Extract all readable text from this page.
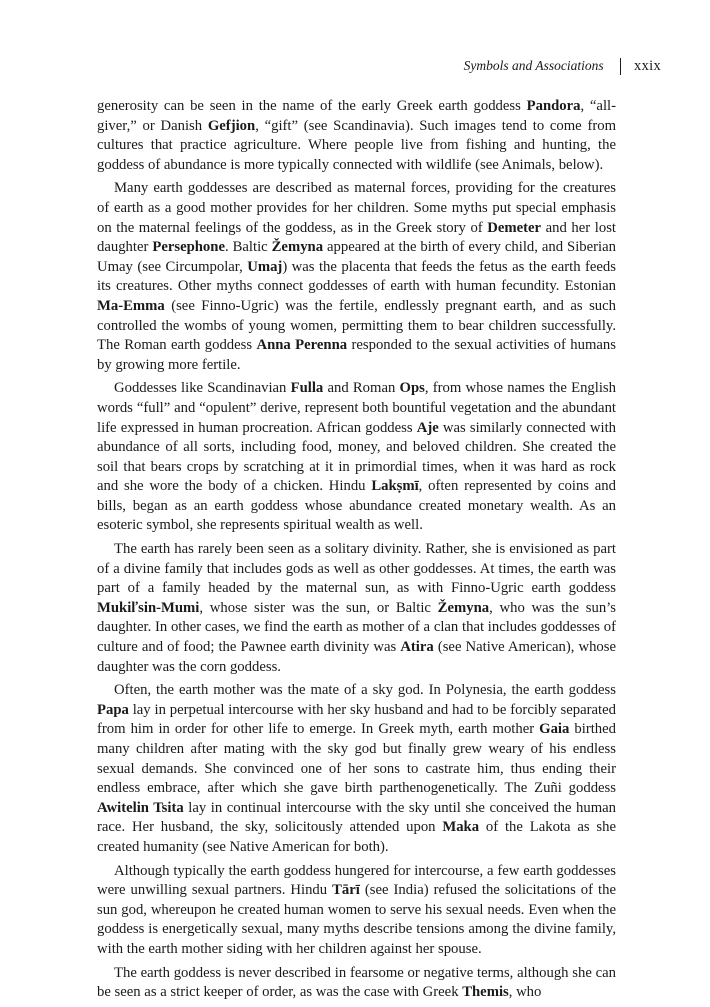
Symbols and Associations xxix

generosity can be seen in the name of the early Greek earth goddess Pandora, “all-giver,” or Danish Gefjion, “gift” (see Scandinavia). Such images tend to come from cultures that practice agriculture. Where people live from fishing and hunting, the goddess of abundance is more typically connected with wildlife (see Animals, below).

Many earth goddesses are described as maternal forces, providing for the creatures of earth as a good mother provides for her children. Some myths put special emphasis on the maternal feelings of the goddess, as in the Greek story of Demeter and her lost daughter Persephone. Baltic Žemyna appeared at the birth of every child, and Siberian Umay (see Circumpolar, Umaj) was the placenta that feeds the fetus as the earth feeds its creatures. Other myths connect goddesses of earth with human fecundity. Estonian Ma-Emma (see Finno-Ugric) was the fertile, endlessly pregnant earth, and as such controlled the wombs of young women, permitting them to bear children successfully. The Roman earth goddess Anna Perenna responded to the sexual activities of humans by growing more fertile.

Goddesses like Scandinavian Fulla and Roman Ops, from whose names the English words “full” and “opulent” derive, represent both bountiful vegetation and the abundant life expressed in human procreation. African goddess Aje was similarly connected with abundance of all sorts, including food, money, and beloved children. She created the soil that bears crops by scratching at it in primordial times, when it was hard as rock and she wore the body of a chicken. Hindu Lakṣmī, often represented by coins and bills, began as an earth goddess whose abundance created monetary wealth. As an esoteric symbol, she represents spiritual wealth as well.

The earth has rarely been seen as a solitary divinity. Rather, she is envisioned as part of a divine family that includes gods as well as other goddesses. At times, the earth was part of a family headed by the maternal sun, as with Finno-Ugric earth goddess Mukiľsin-Mumi, whose sister was the sun, or Baltic Žemyna, who was the sun’s daughter. In other cases, we find the earth as mother of a clan that includes goddesses of culture and of food; the Pawnee earth divinity was Atira (see Native American), whose daughter was the corn goddess.

Often, the earth mother was the mate of a sky god. In Polynesia, the earth goddess Papa lay in perpetual intercourse with her sky husband and had to be forcibly separated from him in order for other life to emerge. In Greek myth, earth mother Gaia birthed many children after mating with the sky god but finally grew weary of his endless sexual demands. She convinced one of her sons to castrate him, thus ending their endless embrace, after which she gave birth parthenogenetically. The Zuñi goddess Awitelin Tsita lay in continual intercourse with the sky until she conceived the human race. Her husband, the sky, solicitously attended upon Maka of the Lakota as she created humanity (see Native American for both).

Although typically the earth goddess hungered for intercourse, a few earth goddesses were unwilling sexual partners. Hindu Tārī (see India) refused the solicitations of the sun god, whereupon he created human women to serve his sexual needs. Even when the goddess is energetically sexual, many myths describe tensions among the divine family, with the earth mother siding with her children against her spouse.

The earth goddess is never described in fearsome or negative terms, although she can be seen as a strict keeper of order, as was the case with Greek Themis, who
